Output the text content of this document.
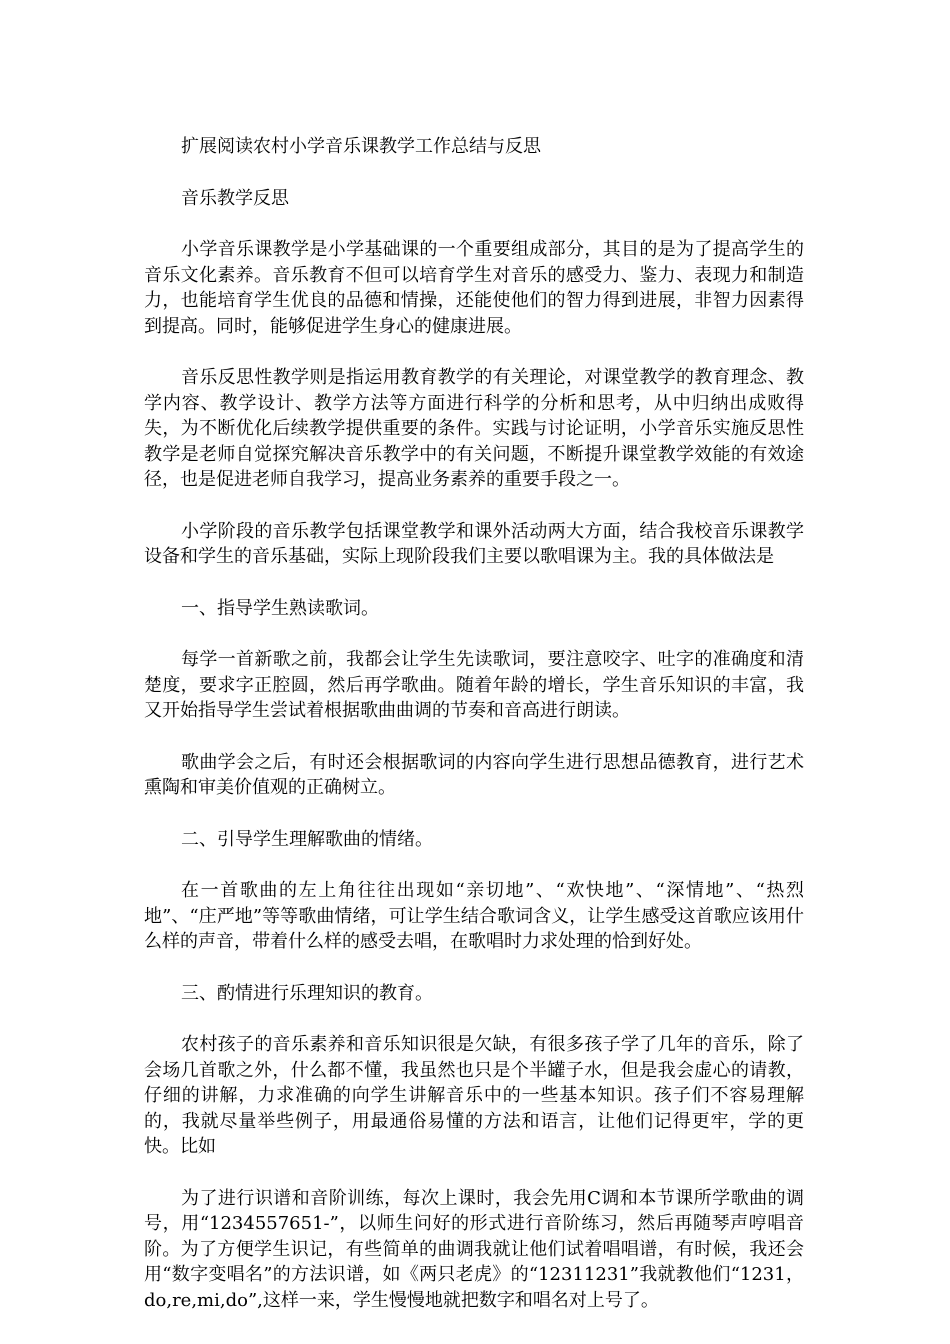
扩展阅读农村小学音乐课教学工作总结与反思

音乐教学反思

小学音乐课教学是小学基础课的一个重要组成部分，其目的是为了提高学生的音乐文化素养。音乐教育不但可以培育学生对音乐的感受力、鉴力、表现力和制造力，也能培育学生优良的品德和情操，还能使他们的智力得到进展，非智力因素得到提高。同时，能够促进学生身心的健康进展。

音乐反思性教学则是指运用教育教学的有关理论，对课堂教学的教育理念、教学内容、教学设计、教学方法等方面进行科学的分析和思考，从中归纳出成败得失，为不断优化后续教学提供重要的条件。实践与讨论证明，小学音乐实施反思性教学是老师自觉探究解决音乐教学中的有关问题，不断提升课堂教学效能的有效途径，也是促进老师自我学习，提高业务素养的重要手段之一。

小学阶段的音乐教学包括课堂教学和课外活动两大方面，结合我校音乐课教学设备和学生的音乐基础，实际上现阶段我们主要以歌唱课为主。我的具体做法是

一、指导学生熟读歌词。

每学一首新歌之前，我都会让学生先读歌词，要注意咬字、吐字的准确度和清楚度，要求字正腔圆，然后再学歌曲。随着年龄的增长，学生音乐知识的丰富，我又开始指导学生尝试着根据歌曲曲调的节奏和音高进行朗读。

歌曲学会之后，有时还会根据歌词的内容向学生进行思想品德教育，进行艺术熏陶和审美价值观的正确树立。

二、引导学生理解歌曲的情绪。

在一首歌曲的左上角往往出现如“亲切地”、“欢快地”、“深情地”、“热烈地”、“庄严地”等等歌曲情绪，可让学生结合歌词含义，让学生感受这首歌应该用什么样的声音，带着什么样的感受去唱，在歌唱时力求处理的恰到好处。

三、酌情进行乐理知识的教育。

农村孩子的音乐素养和音乐知识很是欠缺，有很多孩子学了几年的音乐，除了会场几首歌之外，什么都不懂，我虽然也只是个半罐子水，但是我会虚心的请教，仔细的讲解，力求准确的向学生讲解音乐中的一些基本知识。孩子们不容易理解的，我就尽量举些例子，用最通俗易懂的方法和语言，让他们记得更牢，学的更快。比如

为了进行识谱和音阶训练，每次上课时，我会先用C调和本节课所学歌曲的调号，用“1234557651-”，以师生问好的形式进行音阶练习，然后再随琴声哼唱音阶。为了方便学生识记，有些简单的曲调我就让他们试着唱唱谱，有时候，我还会用“数字变唱名”的方法识谱，如《两只老虎》的“12311231”我就教他们“1231，do,re,mi,do”,这样一来，学生慢慢地就把数字和唱名对上号了。
